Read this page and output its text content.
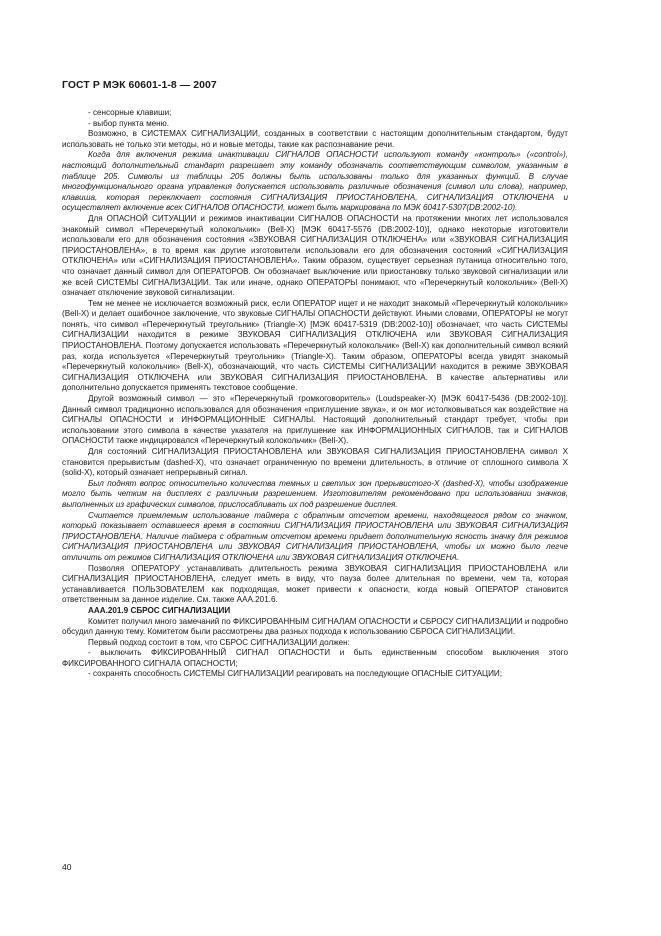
ГОСТ Р МЭК 60601-1-8 — 2007

- сенсорные клавиши;

- выбор пункта меню.

Возможно, в СИСТЕМАХ СИГНАЛИЗАЦИИ, созданных в соответствии с настоящим дополнительным стандартом, будут использовать не только эти методы, но и новые методы, такие как распознавание речи.

Когда для включения режима инактивации СИГНАЛОВ ОПАСНОСТИ используют команду «контроль» («control»), настоящий дополнительный стандарт разрешает эту команду обозначать соответствующим символом, указанным в таблице 205. Символы из таблицы 205 должны быть использованы только для указанных функций. В случае многофункционального органа управления допускается использовать различные обозначения (символ или слова), например, клавиша, которая переключает состояния СИГНАЛИЗАЦИЯ ПРИОСТАНОВЛЕНА, СИГНАЛИЗАЦИЯ ОТКЛЮЧЕНА и осуществляет включение всех СИГНАЛОВ ОПАСНОСТИ, может быть маркирована по МЭК 60417-5307(DB:2002-10).

Для ОПАСНОЙ СИТУАЦИИ и режимов инактивации СИГНАЛОВ ОПАСНОСТИ на протяжении многих лет использовался знакомый символ «Перечеркнутый колокольчик» (Bell-X) [МЭК 60417-5576 (DB:2002-10)], однако некоторые изготовители использовали его для обозначения состояния «ЗВУКОВАЯ СИГНАЛИЗАЦИЯ ОТКЛЮЧЕНА» или «ЗВУКОВАЯ СИГНАЛИЗАЦИЯ ПРИОСТАНОВЛЕНА», в то время как другие изготовители использовали его для обозначения состояний «СИГНАЛИЗАЦИЯ ОТКЛЮЧЕНА» или «СИГНАЛИЗАЦИЯ ПРИОСТАНОВЛЕНА». Таким образом, существует серьезная путаница относительно того, что означает данный символ для ОПЕРАТОРОВ. Он обозначает выключение или приостановку только звуковой сигнализации или же всей СИСТЕМЫ СИГНАЛИЗАЦИИ. Так или иначе, однако ОПЕРАТОРЫ понимают, что «Перечеркнутый колокольчик» (Bell-X) означает отключение звуковой сигнализации.

Тем не менее не исключается возможный риск, если ОПЕРАТОР ищет и не находит знакомый «Перечеркнутый колокольчик» (Bell-X) и делает ошибочное заключение, что звуковые СИГНАЛЫ ОПАСНОСТИ действуют. Иными словами, ОПЕРАТОРЫ не могут понять, что символ «Перечеркнутый треугольник» (Triangle-X) [МЭК 60417-5319 (DB:2002-10)] обозначает, что часть СИСТЕМЫ СИГНАЛИЗАЦИИ находится в режиме ЗВУКОВАЯ СИГНАЛИЗАЦИЯ ОТКЛЮЧЕНА или ЗВУКОВАЯ СИГНАЛИЗАЦИЯ ПРИОСТАНОВЛЕНА. Поэтому допускается использовать «Перечеркнутый колокольчик» (Bell-X) как дополнительный символ всякий раз, когда используется «Перечеркнутый треугольник» (Triangle-X). Таким образом, ОПЕРАТОРЫ всегда увидят знакомый «Перечеркнутый колокольчик» (Bell-X), обозначающий, что часть СИСТЕМЫ СИГНАЛИЗАЦИИ находится в режиме ЗВУКОВАЯ СИГНАЛИЗАЦИЯ ОТКЛЮЧЕНА или ЗВУКОВАЯ СИГНАЛИЗАЦИЯ ПРИОСТАНОВЛЕНА. В качестве альтернативы или дополнительно допускается применять текстовое сообщение.

Другой возможный символ — это «Перечеркнутый громкоговоритель» (Loudspeaker-X) [МЭК 60417-5436 (DB:2002-10)]. Данный символ традиционно использовался для обозначения «приглушение звука», и он мог истолковываться как воздействие на СИГНАЛЫ ОПАСНОСТИ и ИНФОРМАЦИОННЫЕ СИГНАЛЫ. Настоящий дополнительный стандарт требует, чтобы при использовании этого символа в качестве указателя на приглушение как ИНФОРМАЦИОННЫХ СИГНАЛОВ, так и СИГНАЛОВ ОПАСНОСТИ также индицировался «Перечеркнутый колокольчик» (Bell-X).

Для состояний СИГНАЛИЗАЦИЯ ПРИОСТАНОВЛЕНА или ЗВУКОВАЯ СИГНАЛИЗАЦИЯ ПРИОСТАНОВЛЕНА символ X становится прерывистым (dashed-X), что означает ограниченную по времени длительность, в отличие от сплошного символа X (solid-X), который означает непрерывный сигнал.

Был поднят вопрос относительно количества темных и светлых зон прерывистого-X (dashed-X), чтобы изображение могло быть четким на дисплеях с различным разрешением. Изготовителям рекомендовано при использовании значков, выполненных из графических символов, приспосабливать их под разрешение дисплея.

Считается приемлемым использование таймера с обратным отсчетом времени, находящегося рядом со значком, который показывает оставшееся время в состоянии СИГНАЛИЗАЦИЯ ПРИОСТАНОВЛЕНА или ЗВУКОВАЯ СИГНАЛИЗАЦИЯ ПРИОСТАНОВЛЕНА. Наличие таймера с обратным отсчетом времени придает дополнительную ясность значку для режимов СИГНАЛИЗАЦИЯ ПРИОСТАНОВЛЕНА или ЗВУКОВАЯ СИГНАЛИЗАЦИЯ ПРИОСТАНОВЛЕНА, чтобы их можно было легче отличить от режимов СИГНАЛИЗАЦИЯ ОТКЛЮЧЕНА или ЗВУКОВАЯ СИГНАЛИЗАЦИЯ ОТКЛЮЧЕНА.

Позволяя ОПЕРАТОРУ устанавливать длительность режима ЗВУКОВАЯ СИГНАЛИЗАЦИЯ ПРИОСТАНОВЛЕНА или СИГНАЛИЗАЦИЯ ПРИОСТАНОВЛЕНА, следует иметь в виду, что пауза более длительная по времени, чем та, которая устанавливается ПОЛЬЗОВАТЕЛЕМ как подходящая, может привести к опасности, когда новый ОПЕРАТОР становится ответственным за данное изделие. См. также ААА.201.6.

ААА.201.9 СБРОС СИГНАЛИЗАЦИИ

Комитет получил много замечаний по ФИКСИРОВАННЫМ СИГНАЛАМ ОПАСНОСТИ и СБРОСУ СИГНАЛИЗАЦИИ и подробно обсудил данную тему. Комитетом были рассмотрены два разных подхода к использованию СБРОСА СИГНАЛИЗАЦИИ.

Первый подход состоит в том, что СБРОС СИГНАЛИЗАЦИИ должен:

- выключить ФИКСИРОВАННЫЙ СИГНАЛ ОПАСНОСТИ и быть единственным способом выключения этого ФИКСИРОВАННОГО СИГНАЛА ОПАСНОСТИ;

- сохранять способность СИСТЕМЫ СИГНАЛИЗАЦИИ реагировать на последующие ОПАСНЫЕ СИТУАЦИИ;

40
